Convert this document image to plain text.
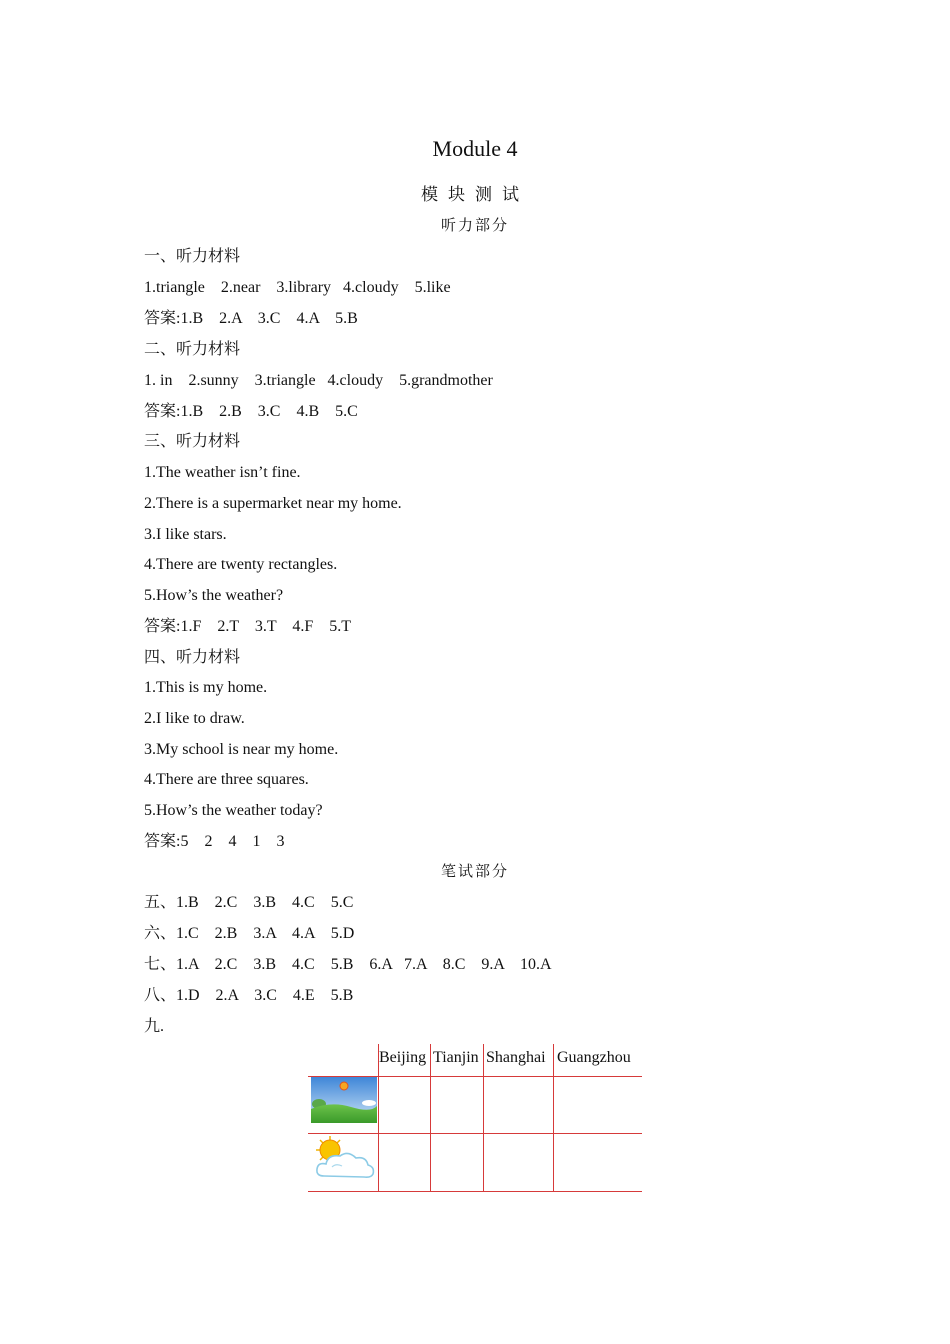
Module 4
模块测试
听力部分
一、听力材料
1.triangle    2.near    3.library   4.cloudy    5.like
答案:1.B    2.A    3.C    4.A    5.B
二、听力材料
1. in    2.sunny    3.triangle   4.cloudy    5.grandmother
答案:1.B    2.B    3.C    4.B    5.C
三、听力材料
1.The weather isn’t fine.
2.There is a supermarket near my home.
3.I like stars.
4.There are twenty rectangles.
5.How’s the weather?
答案:1.F    2.T    3.T    4.F    5.T
四、听力材料
1.This is my home.
2.I like to draw.
3.My school is near my home.
4.There are three squares.
5.How’s the weather today?
答案:5    2    4    1    3
笔试部分
五、1.B    2.C    3.B    4.C    5.C
六、1.C    2.B    3.A    4.A    5.D
七、1.A    2.C    3.B    4.C    5.B    6.A   7.A    8.C    9.A    10.A
八、1.D    2.A    3.C    4.E    5.B
九.
Beijing Tianjin Shanghai Guangzhou
